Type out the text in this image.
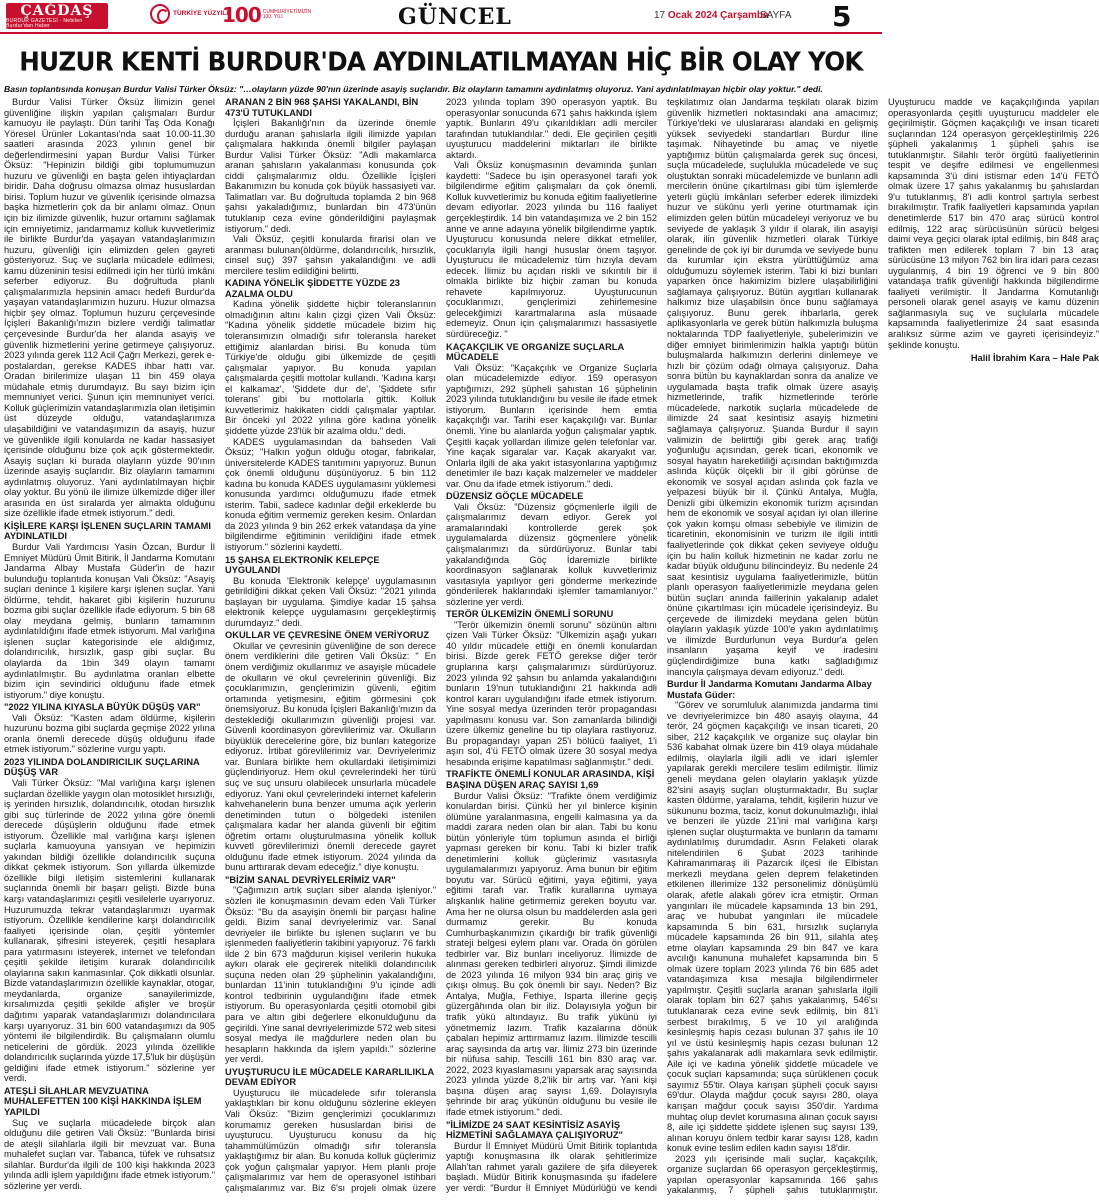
ÇAĞDAŞ
BURDUR GAZETESİ · Nebilen Burdur'dan Haber
TÜRKİYE YÜZYILI
100 CUMHURİYETİMİZİN 100. YILI	GÜNCEL	17 Ocak 2024 Çarşamba
SAYFA 5
HUZUR KENTİ BURDUR'DA AYDINLATILMAYAN HİÇ BİR OLAY YOK
Basın toplantısında konuşan Burdur Valisi Türker Öksüz: "…olayların yüzde 90'nın üzerinde asayiş suçlarıdır. Biz olayların tamamını aydınlatmış oluyoruz. Yani aydınlatılmayan hiçbir olay yoktur." dedi.

Burdur Valisi Türker Öksüz İlimizin genel güvenliğine ilişkin yapılan çalışmaları Burdur kamuoyu ile paylaştı. Dün tarihi Taş Oda Konağı Yöresel Ürünler Lokantası'nda saat 10.00-11.30 saatleri arasında 2023 yılının genel bir değerlendirmesini yapan Burdur Valisi Türker Öksüz: "Hepinizin bildiği gibi toplumumuzun huzuru ve güvenliği en başta gelen ihtiyaçlardan biridir. Daha doğrusu olmazsa olmaz hususlardan birisi. Toplum huzur ve güvenlik içerisinde olmazsa başka hizmetlerin çok da bir anlamı olmaz. Onun için biz ilimizde güvenlik, huzur ortamını sağlamak için emniyetimiz, jandarmamız kolluk kuvvetlerimiz ile birlikte Burdur'da yaşayan vatandaşlarımızın huzuru, güvenliği için elimizden gelen gayreti gösteriyoruz. Suç ve suçlarla mücadele edilmesi, kamu düzeninin tesisi edilmedi için her türlü imkânı seferber ediyoruz. Bu doğrultuda planlı çalışmalarımızla hepsinin amacı hedefi Burdur'da yaşayan vatandaşlarımızın huzuru. Huzur olmazsa hiçbir şey olmaz. Toplumun huzuru çerçevesinde İçişleri Bakanlığı'mızın bizlere verdiği talimatlar çerçevesinde Burdur'da her alanda asayiş ve güvenlik hizmetlerini yerine getirmeye çalışıyoruz. 2023 yılında gerek 112 Acil Çağrı Merkezi, gerek e-postalardan, gerekse KADES ihbar hattı var. Oradan birilerimize ulaşan 11 bin 459 olaya müdahale etmiş durumdayız. Bu sayı bizim için memnuniyet verici. Şunun için memnuniyet verici. Kolluk güçlerimizin vatandaşlarımızla olan iletişimin üst düzeyde olduğu, vatandaşlarımıza ulaşabildiğini ve vatandaşımızın da asayiş, huzur ve güvenlikle ilgili konularda ne kadar hassasiyet içerisinde olduğunu bize çok açık göstermektedir. Asayiş suçları ki burada olayların yüzde 90'ının üzerinde asayiş suçlarıdır. Biz olayların tamamını aydınlatmış oluyoruz. Yani aydınlatılmayan hiçbir olay yoktur. Bu yönü ile ilimize ülkemizde diğer iller arasında en üst sıralarda yer almakta olduğunu size özellikle ifade etmek istiyorum." dedi.

KİŞİLERE KARŞI İŞLENEN SUÇLARIN TAMAMI AYDINLATILDI

Burdur Vali Yardımcısı Yasin Özcan, Burdur İl Emniyet Müdürü Ümit Bitirik, İl Jandarma Komutanı Jandarma Albay Mustafa Güder'in de hazır bulunduğu toplantıda konuşan Vali Öksüz: "Asayiş suçları denince 1 kişilere karşı işlenen suçlar. Yani öldürme, tehdit, hakaret gibi kişilerin huzurunu bozma gibi suçlar özellikle ifade ediyorum. 5 bin 68 olay meydana gelmiş, bunların tamamının aydınlatıldığını ifade etmek istiyorum. Mal varlığına işlenen suçlar kategorisinde ele aldığımız, dolandırıcılık, hırsızlık, gasp gibi suçlar. Bu olaylarda da 1bin 349 olayın tamamı aydınlatılmıştır. Bu aydınlatma oranları elbette bizim için sevindirici olduğunu ifade etmek istiyorum." diye konuştu.

"2022 YILINA KIYASLA BÜYÜK DÜŞÜŞ VAR"

Vali Öksüz: "Kasten adam öldürme, kişilerin huzurunu bozma gibi suçlarda geçmişe 2022 yılına oranla önemli derecede düşüş olduğunu ifade etmek istiyorum." sözlerine vurgu yaptı.

2023 YILINDA DOLANDIRICILIK SUÇLARINA DÜŞÜŞ VAR

Vali Türker Öksüz: "Mal varlığına karşı işlenen suçlardan özellikle yaygın olan motosiklet hırsızlığı, iş yerinden hırsızlık, dolandırıcılık, otodan hırsızlık gibi suç türlerinde de 2022 yılına göre önemli derecede düşüşlerin olduğunu ifade etmek istiyorum. Özellikle mal varlığına karşı işlenen suçlarla kamuoyuna yansıyan ve hepimizin yakından bildiği özellikle dolandırıcılık suçuna dikkat çekmek istiyorum. Son yıllarda ülkemizde özellikle bilgi iletişim sistemlerini kullanarak suçlarında önemli bir başarı gelişti. Bizde buna karşı vatandaşlarımızı çeşitli vesilelerle uyarıyoruz. Huzurumuzda tekrar vatandaşlarımızı uyarmak istiyorum. Özellikle kendilerine karşı dolandırıcılık faaliyeti içerisinde olan, çeşitli yöntemler kullanarak, şifresini isteyerek, çeşitli hesaplara para yatırmasını isteyerek, internet ve telefondan çeşitli şekilde iletişim kurarak dolandırıcılık olaylarına sakın kanmasınlar. Çok dikkatli olsunlar. Bizde vatandaşlarımızın özellikle kaynaklar, otogar, meydanlarda, organize sanayilerimizde, kırsalımızda çeşitli şekilde afişler ve broşür dağıtımı yaparak vatandaşlarımızı dolandırıcılara karşı uyarıyoruz. 31 bin 600 vatandaşımızı da 905 yöntemi ile bilgilendirdik. Bu çalışmaların olumlu neticelerini de gördük. 2023 yılında özellikle dolandırıcılık suçlarında yüzde 17,5'luk bir düşüşün geldiğini ifade etmek istiyorum." sözlerine yer verdi.

ATEŞLİ SİLAHLAR MEVZUATINA MUHALEFETTEN 100 KİŞİ HAKKINDA İŞLEM YAPILDI

Suç ve suçlarla mücadelede birçok alan olduğunu dile getiren Vali Öksüz: "Bunlarda birisi de ateşli silahlarla ilgili bir mevzuat var. Buna muhalefet suçları var. Tabanca, tüfek ve ruhsatsız silahlar. Burdur'da ilgili de 100 kişi hakkında 2023 yılında adli işlem yapıldığını ifade etmek istiyorum." sözlerine yer verdi.

ARANAN 2 BİN 968 ŞAHSI YAKALANDI, BİN 473'Ü TUTUKLANDI

İçişleri Bakanlığı'nın da üzerinde önemle durduğu aranan şahıslarla ilgili ilimizde yapılan çalışmalara hakkında önemli bilgiler paylaşan Burdur Valisi Türker Öksüz: "Adli makamlarca aranan şahısların yakalanması konusunda çok ciddi çalışmalarımız oldu. Özellikle İçişleri Bakanımızın bu konuda çok büyük hassasiyeti var. Talimatları var. Bu doğrultuda toplamda 2 bin 968 şahsı yakaladığımız, bunlardan bin 473'ünün tutuklanıp ceza evine gönderildiğini paylaşmak istiyorum." dedi.

Vali Öksüz, çeşitli konularda firarisi olan ve aranması bulunan(öldürme, dolandırıcılık, hırsızlık, cinsel suç) 397 şahsın yakalandığını ve adli mercilere teslim edildiğini belirtti.

KADINA YÖNELİK ŞİDDETTE YÜZDE 23 AZALMA OLDU

Kadına yönelik şiddette hiçbir toleranslarının olmadığının altını kalın çizgi çizen Vali Öksüz: "Kadına yönelik şiddetle mücadele bizim hiç toleransımızın olmadığı sıfır toleransla hareket ettiğimiz alanlardan birisi. Bu konuda tüm Türkiye'de olduğu gibi ülkemizde de çeşitli çalışmalar yapıyor. Bu konuda yapılan çalışmalarda çeşitli mottolar kullandı. 'Kadına karşı el kalkamaz', 'Şiddete dur de', 'Şiddete sıfır tolerans' gibi bu mottolarla gittik. Kolluk kuvvetlerimiz hakikaten ciddi çalışmalar yaptılar. Bir önceki yıl 2022 yılına göre kadına yönelik şiddette yüzde 23'lük bir azalma oldu." dedi.

KADES uygulamasından da bahseden Vali Öksüz; "Halkın yoğun olduğu otogar, fabrikalar, üniversitelerde KADES tanıtımını yapıyoruz. Bunun çok önemli olduğunu düşünüyoruz. 5 bin 112 kadına bu konuda KADES uygulamasını yüklemesi konusunda yardımcı olduğumuzu ifade etmek isterim. Tabii, sadece kadınlar değil erkeklerde bu konuda eğitim vermemiz gereken kesim. Onlardan da 2023 yılında 9 bin 262 erkek vatandaşa da yine bilgilendirme eğitiminin verildiğini ifade etmek istiyorum." sözlerini kaydetti.

15 ŞAHSA ELEKTRONİK KELEPÇE UYGULANDI

Bu konuda 'Elektronik kelepçe' uygulamasının getirildiğini dikkat çeken Vali Öksüz: "2021 yılında başlayan bir uygulama. Şimdiye kadar 15 şahsa elektronik kelepçe uygulamasını gerçekleştirmiş durumdayız." dedi.

OKULLAR VE ÇEVRESİNE ÖNEM VERİYORUZ

Okullar ve çevresinin güvenliğine de son derece önem verdiklerini dile getiren Vali Öksüz: " En önem verdiğimiz okullarımız ve asayişle mücadele de okulların ve okul çevrelerinin güvenliği. Biz çocuklarımızın, gençlerimizin güvenli, eğitim ortamında yetişmesini, eğitim görmesini çok önemsiyoruz. Bu konuda İçişleri Bakanlığı'mızın da desteklediği okullarımızın güvenliği projesi var. Güvenli koordinasyon görevlilerimiz var. Okulların büyüklük derecelerine göre, biz bunları kategorize ediyoruz. İrtibat görevlilerimiz var. Devriyelerimiz var. Bunlara birlikte hem okullardaki iletişimimizi güçlendiriyoruz. Hem okul çevrelerindeki her türü suç ve suç unsuru olabilecek unsurlarla mücadele ediyoruz. Yani okul çevrelerindeki internet kafelerin kahvehanelerin buna benzer umuma açık yerlerin denetiminden tutun o bölgedeki istenilen çalışmalara kadar her alanda güvenli bir eğitim öğretim ortamı oluşturulmasına yönelik kolluk kuvvetl görevlilerimizi önemli derecede gayret olduğunu ifade etmek istiyorum. 2024 yılında da bunu arttırarak devam edeceğiz." diye konuştu.

"BİZİM SANAL DEVRİYELERİMİZ VAR"

"Çağımızın artık suçları siber alanda işleniyor." sözleri ile konuşmasının devam eden Vali Türker Öksüz: "Bu da asayişin önemli bir parçası haline geldi. Bizim sanal devriyelerimiz var. Sanal devriyeler ile birlikte bu işlenen suçların ve bu işlenmeden faaliyetlerin takibini yapıyoruz. 76 farklı ilde 2 bin 673 mağdurun kişisel verilerin hukuka aykırı olarak ele geçirerek nitelikli dolandırıcılık suçuna neden olan 29 şüphelinin yakalandığını, bunlardan 11'inin tutuklandığını 9'u içinde adli kontrol tedbirinin uygulandığını ifade etmek istiyorum. Bu operasyonlarda çeşitli otomobil gibi para ve altın gibi değerlere elkonulduğunu da geçirildi. Yine sanal devriyelerimizde 572 web sitesi sosyal medya ile mağdurlere neden olan bu hesapların hakkında da işlem yapıldı." sözlerine yer verdi.

UYUŞTURUCU İLE MÜCADELE KARARLILIKLA DEVAM EDİYOR

Uyuşturucu ile mücadelede sıfır toleransla yaklaştıkları bir konu olduğunu sözlerine ekleyen Vali Öksüz: "Bizim gençlerimizi çocuklarımızı korumamız gereken hususlardan birisi de uyuşturucu. Uyuşturucu konusu da hiç tahammülümüzün olmadığı sıfır toleransla yaklaştığımız bir alan. Bu konuda kolluk güçlerimiz çok yoğun çalışmalar yapıyor. Hem planlı proje çalışmalarımız var hem de operasyonel istihbari çalışmalarımız var. Biz 6'sı projeli olmak üzere 2023 yılında toplam 390 operasyon yaptık. Bu operasyonlar sonucunda 671 şahıs hakkında işlem yaptık. Bunların 49'u çıkarıldıkları adli merciler tarafından tutuklandılar." dedi. Ele geçirilen çeşitli uyuşturucu maddelerini miktarları ile birlikte aktardı.

Vali Öksüz konuşmasının devamında şunları kaydetti: "Sadece bu işin operasyonel tarafı yok bilgilendirme eğitim çalışmaları da çok önemli. Kolluk kuvvetlerimiz bu konuda eğitim faaliyetlerine devam ediyorlar. 2023 yılında bu 116 faaliyet gerçekleştirdik. 14 bin vatandaşımıza ve 2 bin 152 anne ve anne adayına yönelik bilgilendirme yaptık. Uyuşturucu konusunda nelere dikkat etmeliler, çocuklarıyla ilgili hangi hususlar önem taşıyor. Uyuşturucu ile mücadelemiz tüm hızıyla devam edecek. İlimiz bu açıdan riskli ve sıkıntılı bir il olmakla birlikte biz hiçbir zaman bu konuda rehavete kapılmıyoruz. Uyuşturucunun çocuklarımızı, gençlerimizi zehirlemesine gelecekğimizi karartmalarına asla müsaade edemeyiz. Onun için çalışmalarımızı hassasiyetle sürdüreceğiz. "

KAÇAKÇILIK VE ORGANİZE SUÇLARLA MÜCADELE

Vali Öksüz: "Kaçakçılık ve Organize Suçlarla olan mücadelemizde ediyor. 159 operasyon yaptığımızı, 292 şüpheli şahıstan 16 şüphelinin 2023 yılında tutuklandığını bu vesile ile ifade etmek istiyorum. Bunların içerisinde hem emtia kaçakçılığı var. Tarihi eser kaçakçılığı var. Bunlar önemli. Yine bu alanlarda yoğun çalışmalar yaptık. Çeşitli kaçak yollardan ilimize gelen telefonlar var. Yine kaçak sigaralar var. Kaçak akaryakıt var. Onlarla ilgili de aka yakıt istasyonlarına yaptığımız denetimler ile bazı kaçak malzemeler ve maddeler var. Onu da ifade etmek istiyorum." dedi.

DÜZENSİZ GÖÇLE MÜCADELE

Vali Öksüz: "Düzensiz göçmenlerle ilgili de çalışmalarımız devam ediyor. Gerek yol aramalarındaki kontrollerde gerek şok uygulamalarda düzensiz göçmenlere yönelik çalışmalarımızı da sürdürüyoruz. Bunlar tabi yakalandığında Göç İdaremizle birlikte koordinasyon sağlanarak kolluk kuvvetlerimiz vasıtasıyla yapılıyor geri gönderme merkezinde gönderilerek haklarındaki işlemler tamamlanıyor." sözlerine yer verdi.

TERÖR ÜLKEMİZİN ÖNEMLİ SORUNU

"Terör ülkemizin önemli sorunu" sözünün altını çizen Vali Türker Öksüz: "Ülkemizin aşağı yukarı 40 yıldır mücadele ettiği en önemli konulardan birisi. Bizde gerek FETÖ gerekse diğer terör gruplarına karşı çalışmalarımızı sürdürüyoruz. 2023 yılında 92 şahsın bu anlamda yakalandığını bunların 19'nun tutuklandığını 21 hakkında adli kontrol kararı uygulandığını ifade etmek istiyorum. Yine sosyal medya üzerinden terör propagandası yapılmasını konusu var. Son zamanlarda bilindiği üzere ülkemiz geneline bu tip olaylara rastlıyoruz. Bu propagandayı yapan 25'i bölücü faaliyet, 1'i aşırı sol, 4'ü FETÖ olmak üzere 30 sosyal medya hesabında erişime kapatılması sağlanmıştır." dedi.

TRAFİKTE ÖNEMLİ KONULAR ARASINDA, KİŞİ BAŞINA DÜŞEN ARAÇ SAYISI 1,69

Burdur Valisi Öksüz: "Trafikte önem verdiğimiz konulardan birisi. Çünkü her yıl binlerce kişinin ölümüne yaralanmasına, engelli kalmasına ya da maddi zarara neden olan bir alan. Tabi bu konu bütün yönleriyle tüm toplumun asında el birliği yapması gereken bir konu. Tabi ki bizler trafik denetimlerini kolluk güçlerimiz vasıtasıyla uygulamalarımızı yapıyoruz. Ama bunun bir eğitim boyutu var. Sürücü eğitimi, yaya eğitimi, yaya eğitimi tarafı var. Trafik kurallarına uymaya alışkanlık haline getirmemiz gereken boyutu var. Ama her ne olursa olsun bu maddelerden asla geri durmamız gerekir. Bu konuda Cumhurbaşkanımızın çıkardığı bir trafik güvenliği strateji belgesi eylem planı var. Orada ön görülen tedbirler var. Biz bunları inceliyoruz. İlimizde de alınması gereken tedbirleri alıyoruz. Şimdi ilimizde de 2023 yılında 16 milyon 934 bin araç giriş ve çıkışı olmuş. Bu çok önemli bir sayı. Neden? Biz Antalya, Muğla, Fethiye, Isparta illerine geçiş güzergâhında olan bir iliz. Dolayısıyla yoğun bir trafik yükü altındayız. Bu trafik yükünü iyi yönetmemiz lazım. Trafik kazalarına dönük çabaları hepimiz arttırmamız lazım. İlimizde tescilli araç sayısında da artış var. İlimiz 273 bin üzerinde bir nüfusa sahip. Tescilli 161 bin 830 araç var. 2022, 2023 kıyaslamasını yaparsak araç sayısında 2023 yılında yüzde 8,2'lik bir artış var. Yani kişi başına düşen araç sayısı 1,69. Dolayısıyla şehrinde bir araç yükünün olduğunu bu vesile ile ifade etmek istiyorum." dedi.

"İLİMİZDE 24 SAAT KESİNTİSİZ ASAYİŞ HİZMETİNİ SAĞLAMAYA ÇALIŞIYORUZ"

Burdur İl Emniyet Müdürü Ümit Bitirik toplantıda yaptığı konuşmasına ilk olarak şehitlerimize Allah'tan rahmet yaralı gazilere de şifa dileyerek başladı. Müdür Bitirik konuşmasında şu ifadelere yer verdi: "Burdur İl Emniyet Müdürlüğü ve kendi teşkilatımız olan Jandarma teşkilatı olarak bizim güvenlik hizmetleri noktasındaki ana amacımız; Türkiye'deki ve uluslararası alandaki en gelişmiş yüksek seviyedeki standartları Burdur iline taşımak. Nihayetinde bu amaç ve niyetle yaptığımız bütün çalışmalarda gerek suç öncesi, suçla mücadelede, suçlulukla mücadelede ve suç oluştuktan sonraki mücadelemizde ve bunların adli mercilerin önüne çıkartılması gibi tüm işlemlerde yeterli güçlü imkânları seferber ederek ilimizdeki huzur ve sükûnu yerli yerine oturtmamak için elimizden gelen bütün mücadeleyi veriyoruz ve bu seviyede de yaklaşık 3 yıldır il olarak, ilin asayişi olarak, ilin güvenlik hizmetleri olarak Türkiye genelinde de çok iyi bir durumda ve seviyede bunu da kurumlar için ekstra yürüttüğümüz ama olduğumuzu söylemek isterim. Tabi ki bizi bunları yaparken önce hakimizim bizlere ulaşabilirliğini sağlamaya çalışıyoruz. Bütün aygıtları kullanarak halkımız bize ulaşabilsin önce bunu sağlamaya çalışıyoruz. Bunu gerek ihbarlarla, gerek aplikasyonlarla ve gerek bütün halkımızla buluşma noktalarında TDP faaliyetleriyle, şubelerimizin ve diğer emniyet birimlerimizin halkla yaptığı bütün buluşmalarda halkımızın derlerini dinlemeye ve hızlı bir çözüm odağı olmaya çalışıyoruz. Daha sonra bütün bu kaynaklardan sonra da analize ve uygulamada başta trafik olmak üzere asayiş hizmetlerinde, trafik hizmetlerinde terörle mücadelede, narkotik suçlarla mücadelede de ilimizde 24 saat kesintisiz asayiş hizmetini sağlamaya çalışıyoruz. Şuanda Burdur il sayın valimizin de belirttiği gibi gerek araç trafiği yoğunluğu açısından, gerek ticari, ekonomik ve sosyal hayatın hareketliliği açısından baktığımızda aslında küçük ölçekli bir il gibi görünse de ekonomik ve sosyal açıdan aslında çok fazla ve yelpazesi büyük bir il. Çünkü Antalya, Muğla, Denizli gibi ülkemizin ekonomik turizm açısından hem de ekonomik ve sosyal açıdan iyi olan illerine çok yakın komşu olması sebebiyle ve ilimizin de ticaretinin, ekonomisinin ve turizm ile ilgili intitli faaliyetlerinde çok dikkat çeken seviyeye olduğu için bu halin kolluk hizmetinin ne kadar zorlu ne kadar büyük olduğunu bilincindeyiz. Bu nedenle 24 saat kesintisiz uygulama faaliyetlerimizle, bütün planlı operasyon faaliyetlerimizle meydana gelen bütün suçları anında faillerinin yakalanıp adalet önüne çıkartılması için mücadele içerisindeyiz. Bu çerçevede de ilimizdeki meydana gelen bütün olayların yaklaşık yüzde 100'e yakın aydınlatılmış ve ilimizde Burdurlunun veya Burdur'a gelen insanların yaşama keyif ve iradesini güçlendirdiğimize buna katkı sağladığımız inancıyla çalışmaya devam ediyoruz." dedi.

Burdur İl Jandarma Komutanı Jandarma Albay Mustafa Güder:

"Görev ve sorumluluk alanımızda jandarma timi ve devriyelerimizce bin 480 asayiş olayına, 44 terör, 24 göçmen kaçakçılığı ve insan ticareti, 20 siber, 212 kaçakçılık ve organize suç olaylar bin 536 kabahat olmak üzere bin 419 olaya müdahale edilmiş, olaylarla ilgili adli ve idari işlemler yapılarak gerekli mercilere teslim edilmiştir. İlimiz geneli meydana gelen olaylarin yaklaşık yüzde 82'sini asayiş suçları oluşturmaktadır. Bu suçlar kasten öldürme, yaralama, tehdit, kişilerin huzur ve sükununu bozma, taciz, konut dokunulmazlığı, ihlal ve benzeri ile yüzde 21'ini mal varlığına karşı işlenen suçlar oluşturmakta ve bunların da tamamı aydınlatılmış durumdadır. Asrın Felaketi olarak nitelendirilen 6 Şubat 2023 tarihinde Kahramanmaraş ili Pazarcık ilçesi ile Elbistan merkezli meydana gelen deprem felaketinden etkilenen illerimize 132 personelimiz dönüşümlü olarak, afetle alakalı görev icra etmiştir. Orman yangınları ile mücadele kapsamında 13 bin 291, araç ve hububat yangınları ile mücadele kapsamında 5 bin 631, hırsızlık suçlarıyla mücadele kapsamında 26 bin 911, silahla ateş etme olayları kapsamında 29 bin 847 ve kara avcılığı kanununa muhalefet kapsamında bin 5 olmak üzere toplam 2023 yılında 76 bin 685 adet vatandaşımıza kısa mesajla bilgilendirmeler yapılmıştır. Çeşitli suçlarla aranan şahıslarla ilgili olarak toplam bin 627 şahıs yakalanmış, 546'sı tutuklanarak ceza evine sevk edilmiş, bin 81'i serbest bırakılmış, 5 ve 10 yıl aralığında kesinleşmiş hapis cezası bulunan 37 şahıs ile 10 yıl ve üstü kesinleşmiş hapis cezası bulunan 12 şahıs yakalanarak adli makamlara sevk edilmiştir. Aile içi ve kadına yönelik şiddetle mücadele ve çocuk suçları kapsamında; suça sürüklenen çocuk sayımız 55'tir. Olaya karışan şüpheli çocuk sayısı 69'dur. Olayda mağdur çocuk sayısı 280, olaya karışan mağdur çocuk sayısı 350'dir. Yardıma muhtaç olup devlet korumasına alınan çocuk sayısı 8, aile içi şiddette şiddete işlenen suç sayısı 139, alınan koruyu önlem tedbir karar sayısı 128, kadın konuk evine teslim edilen kadın sayısı 18'dir.

2023 yılı içerisinde mali suçlar, kaçakçılık, organize suçlardan 66 operasyon gerçekleştirmiş, yapılan operasyonlar kapsamında 166 şahıs yakalanmış, 7 şüpheli şahıs tutuklanmıştır. Uyuşturucu madde ve kaçakçılığında yapılan operasyonlarda çeşitli uyuşturucu maddeler ele geçirilmiştir. Göçmen kaçakçılığı ve insan ticareti suçlarından 124 operasyon gerçekleştirilmiş 226 şüpheli yakalanmış 1 şüpheli şahıs ise tutuklanmıştır. Silahlı terör örgütü faaliyetlerinin tespit ve deşifre edilmesi ve engellenmesi kapsamında 3'ü dini istismar eden 14'ü FETÖ olmak üzere 17 şahıs yakalanmış bu şahıslardan 9'u tutuklanmış, 8'i adli kontrol şartıyla serbest bırakılmıştır. Trafik faaliyetleri kapsamında yapılan denetimlerde 517 bin 470 araç sürücü kontrol edilmiş, 122 araç sürücüsünün sürücü belgesi daimi veya geçici olarak iptal edilmiş, bin 848 araç trafikten men edilerek toplam 7 bin 13 araç sürücüsüne 13 milyon 762 bin lira idari para cezası uygulanmış, 4 bin 19 öğrenci ve 9 bin 800 vatandaşa trafik güvenliği hakkında bilgilendirme faaliyeti verilmiştir. İl Jandarma Komutanlığı personeli olarak genel asayiş ve kamu düzenin sağlanmasıyla suç ve suçlularla mücadele kapsamında faaliyetlerimize 24 saat esasında aralıksız sürme azim ve gayreti içerisindeyiz." şeklinde konuştu.

Halil İbrahim Kara – Hale Pak
